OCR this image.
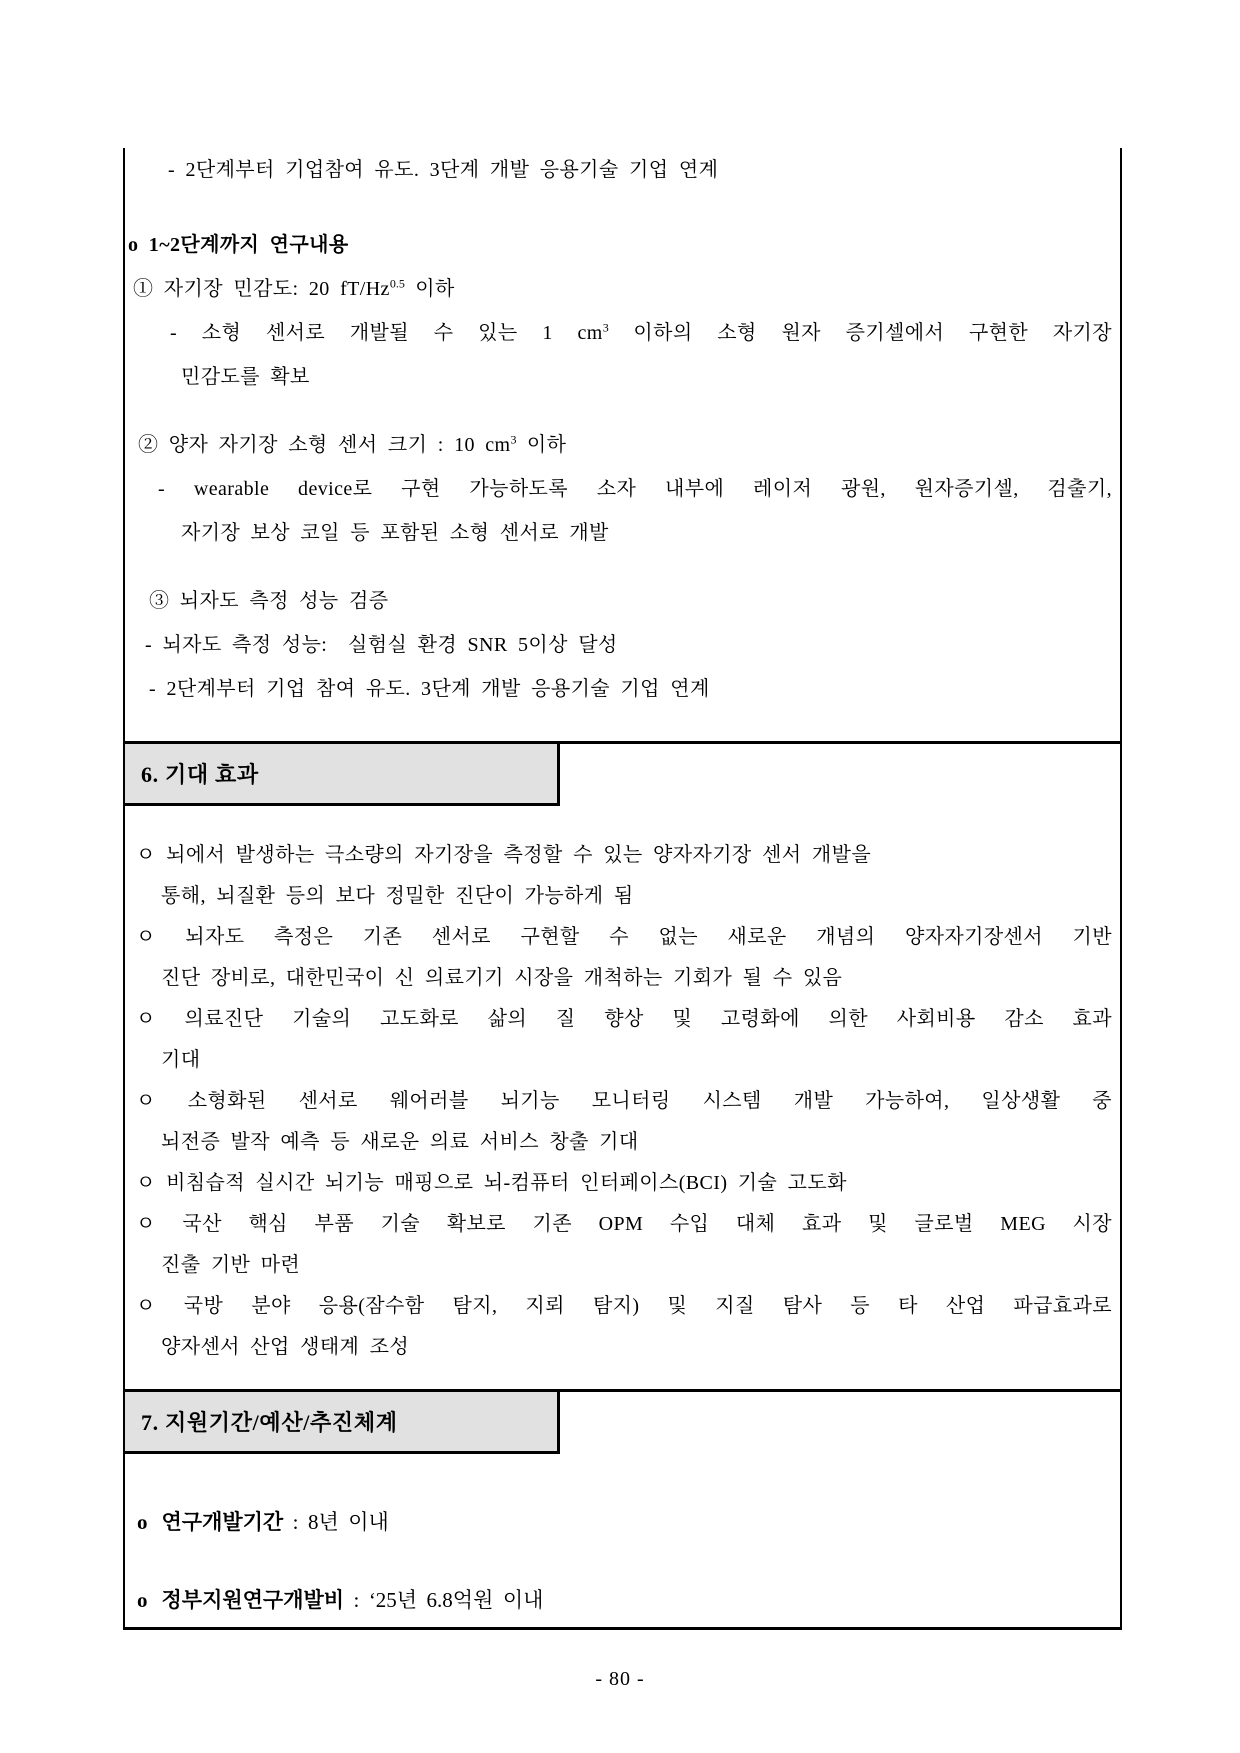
- 2단계부터 기업참여 유도. 3단계 개발 응용기술 기업 연계
o 1~2단계까지 연구내용
① 자기장 민감도: 20 $fT/Hz^{0.5}$ 이하
- 소형 센서로 개발될 수 있는 1 $cm^3$ 이하의 소형 원자 증기셀에서 구현한 자기장
민감도를 확보
② 양자 자기장 소형 센서 크기 : 10 $cm^3$ 이하
- wearable device로 구현 가능하도록 소자 내부에 레이저 광원, 원자증기셀, 검출기,
자기장 보상 코일 등 포함된 소형 센서로 개발
③ 뇌자도 측정 성능 검증
- 뇌자도 측정 성능:  실험실 환경 SNR 5이상 달성
- 2단계부터 기업 참여 유도. 3단계 개발 응용기술 기업 연계
6. 기대 효과
ㅇ 뇌에서 발생하는 극소량의 자기장을 측정할 수 있는 양자자기장 센서 개발을
통해, 뇌질환 등의 보다 정밀한 진단이 가능하게 됨
ㅇ 뇌자도 측정은 기존 센서로 구현할 수 없는 새로운 개념의 양자자기장센서 기반
진단 장비로, 대한민국이 신 의료기기 시장을 개척하는 기회가 될 수 있음
ㅇ 의료진단 기술의 고도화로 삶의 질 향상 및 고령화에 의한 사회비용 감소 효과
기대
ㅇ 소형화된 센서로 웨어러블 뇌기능 모니터링 시스템 개발 가능하여, 일상생활 중
뇌전증 발작 예측 등 새로운 의료 서비스 창출 기대
ㅇ 비침습적 실시간 뇌기능 매핑으로 뇌-컴퓨터 인터페이스(BCI) 기술 고도화
ㅇ 국산 핵심 부품 기술 확보로 기존 OPM 수입 대체 효과 및 글로벌 MEG 시장
진출 기반 마련
ㅇ 국방 분야 응용(잠수함 탐지, 지뢰 탐지) 및 지질 탐사 등 타 산업 파급효과로
양자센서 산업 생태계 조성
7. 지원기간/예산/추진체계
o 연구개발기간 : 8년 이내
o 정부지원연구개발비 : ‘25년 6.8억원 이내
- 80 -
